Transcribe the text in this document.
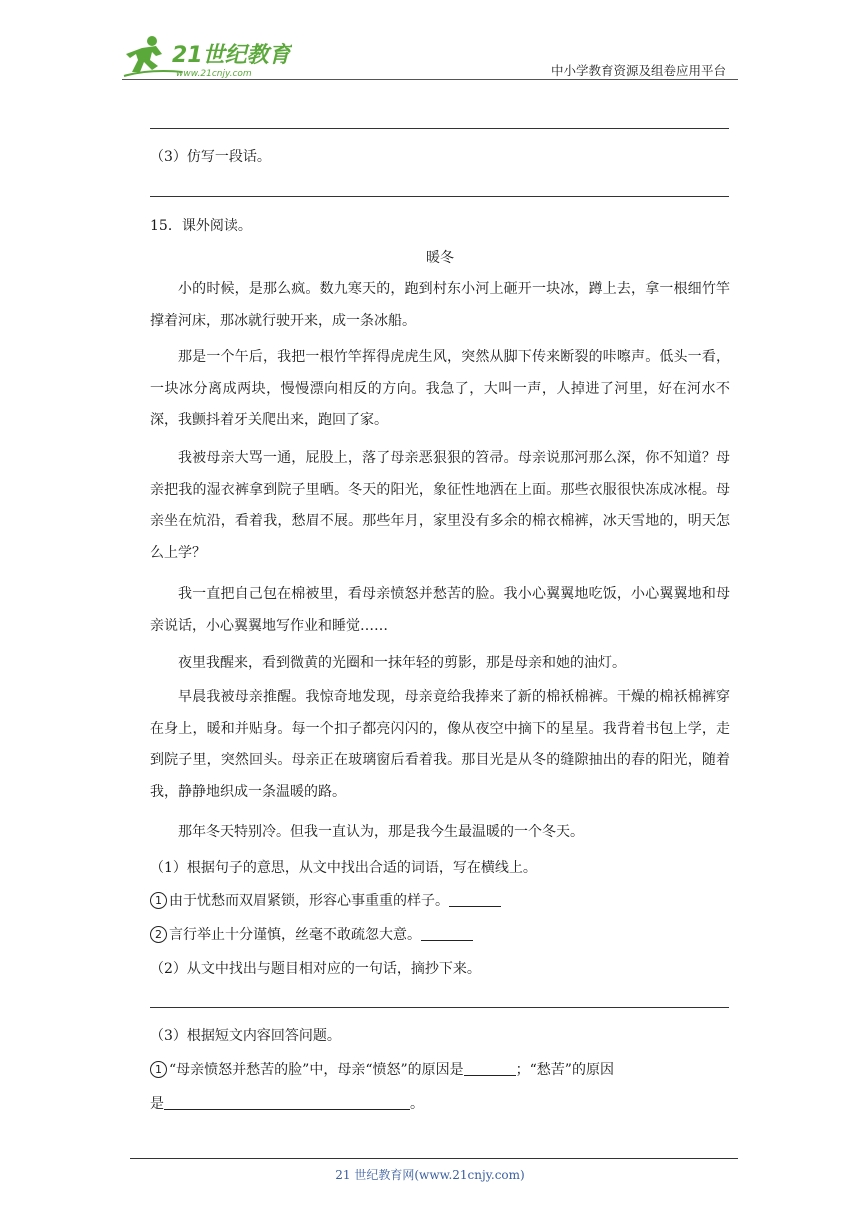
21世纪教育
www.21cnjy.com	中小学教育资源及组卷应用平台
（3）仿写一段话。
15．课外阅读。
暖冬
小的时候，是那么疯。数九寒天的，跑到村东小河上砸开一块冰，蹲上去，拿一根细竹竿撑着河床，那冰就行驶开来，成一条冰船。
那是一个午后，我把一根竹竿挥得虎虎生风，突然从脚下传来断裂的咔嚓声。低头一看，一块冰分离成两块，慢慢漂向相反的方向。我急了，大叫一声，人掉进了河里，好在河水不深，我颤抖着牙关爬出来，跑回了家。
我被母亲大骂一通，屁股上，落了母亲恶狠狠的笤帚。母亲说那河那么深，你不知道？母亲把我的湿衣裤拿到院子里晒。冬天的阳光，象征性地洒在上面。那些衣服很快冻成冰棍。母亲坐在炕沿，看着我，愁眉不展。那些年月，家里没有多余的棉衣棉裤，冰天雪地的，明天怎么上学？
我一直把自己包在棉被里，看母亲愤怒并愁苦的脸。我小心翼翼地吃饭，小心翼翼地和母亲说话，小心翼翼地写作业和睡觉……
夜里我醒来，看到微黄的光圈和一抹年轻的剪影，那是母亲和她的油灯。
早晨我被母亲推醒。我惊奇地发现，母亲竟给我捧来了新的棉袄棉裤。干燥的棉袄棉裤穿在身上，暖和并贴身。每一个扣子都亮闪闪的，像从夜空中摘下的星星。我背着书包上学，走到院子里，突然回头。母亲正在玻璃窗后看着我。那目光是从冬的缝隙抽出的春的阳光，随着我，静静地织成一条温暖的路。
那年冬天特别冷。但我一直认为，那是我今生最温暖的一个冬天。
（1）根据句子的意思，从文中找出合适的词语，写在横线上。
1 由于忧愁而双眉紧锁，形容心事重重的样子。
2 言行举止十分谨慎，丝毫不敢疏忽大意。
（2）从文中找出与题目相对应的一句话，摘抄下来。
（3）根据短文内容回答问题。
1 “母亲愤怒并愁苦的脸”中，母亲“愤怒”的原因是	；“愁苦”的原因
是	。
21 世纪教育网(www.21cnjy.com)
